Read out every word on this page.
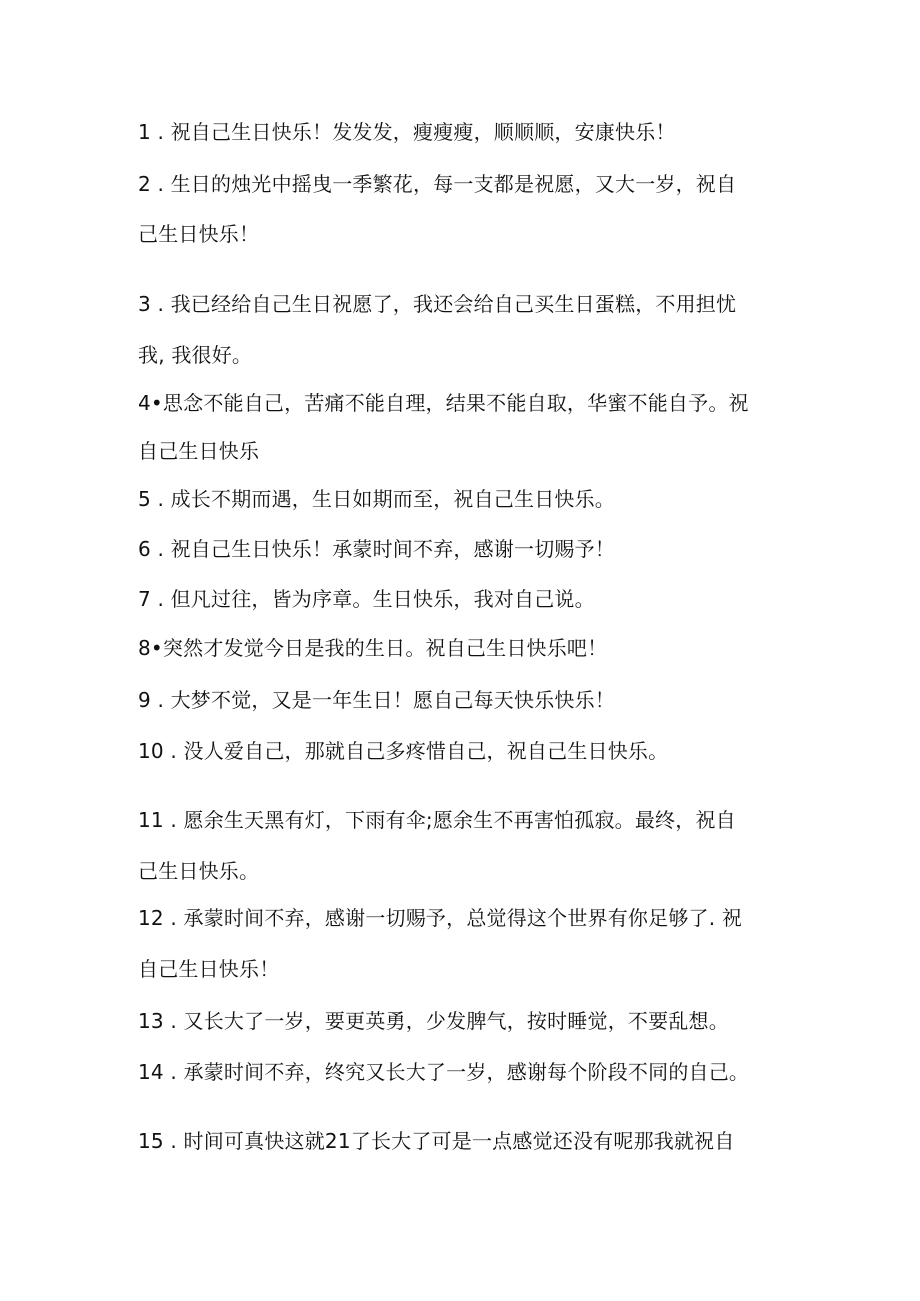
1 . 祝自己生日快乐！发发发，瘦瘦瘦，顺顺顺，安康快乐！
2 . 生日的烛光中摇曳一季繁花，每一支都是祝愿，又大一岁，祝自
己生日快乐！
3 . 我已经给自己生日祝愿了，我还会给自己买生日蛋糕，不用担忧
我, 我很好。
4•思念不能自己，苦痛不能自理，结果不能自取，华蜜不能自予。祝
自己生日快乐
5 . 成长不期而遇，生日如期而至，祝自己生日快乐。
6 . 祝自己生日快乐！承蒙时间不弃，感谢一切赐予！
7 . 但凡过往，皆为序章。生日快乐，我对自己说。
8•突然才发觉今日是我的生日。祝自己生日快乐吧！
9 . 大梦不觉，又是一年生日！愿自己每天快乐快乐！
10 . 没人爱自己，那就自己多疼惜自己，祝自己生日快乐。
11 . 愿余生天黑有灯，下雨有伞;愿余生不再害怕孤寂。最终，祝自
己生日快乐。
12 . 承蒙时间不弃，感谢一切赐予，总觉得这个世界有你足够了. 祝
自己生日快乐！
13 . 又长大了一岁，要更英勇，少发脾气，按时睡觉，不要乱想。
14 . 承蒙时间不弃，终究又长大了一岁，感谢每个阶段不同的自己。
15 . 时间可真快这就21了长大了可是一点感觉还没有呢那我就祝自
